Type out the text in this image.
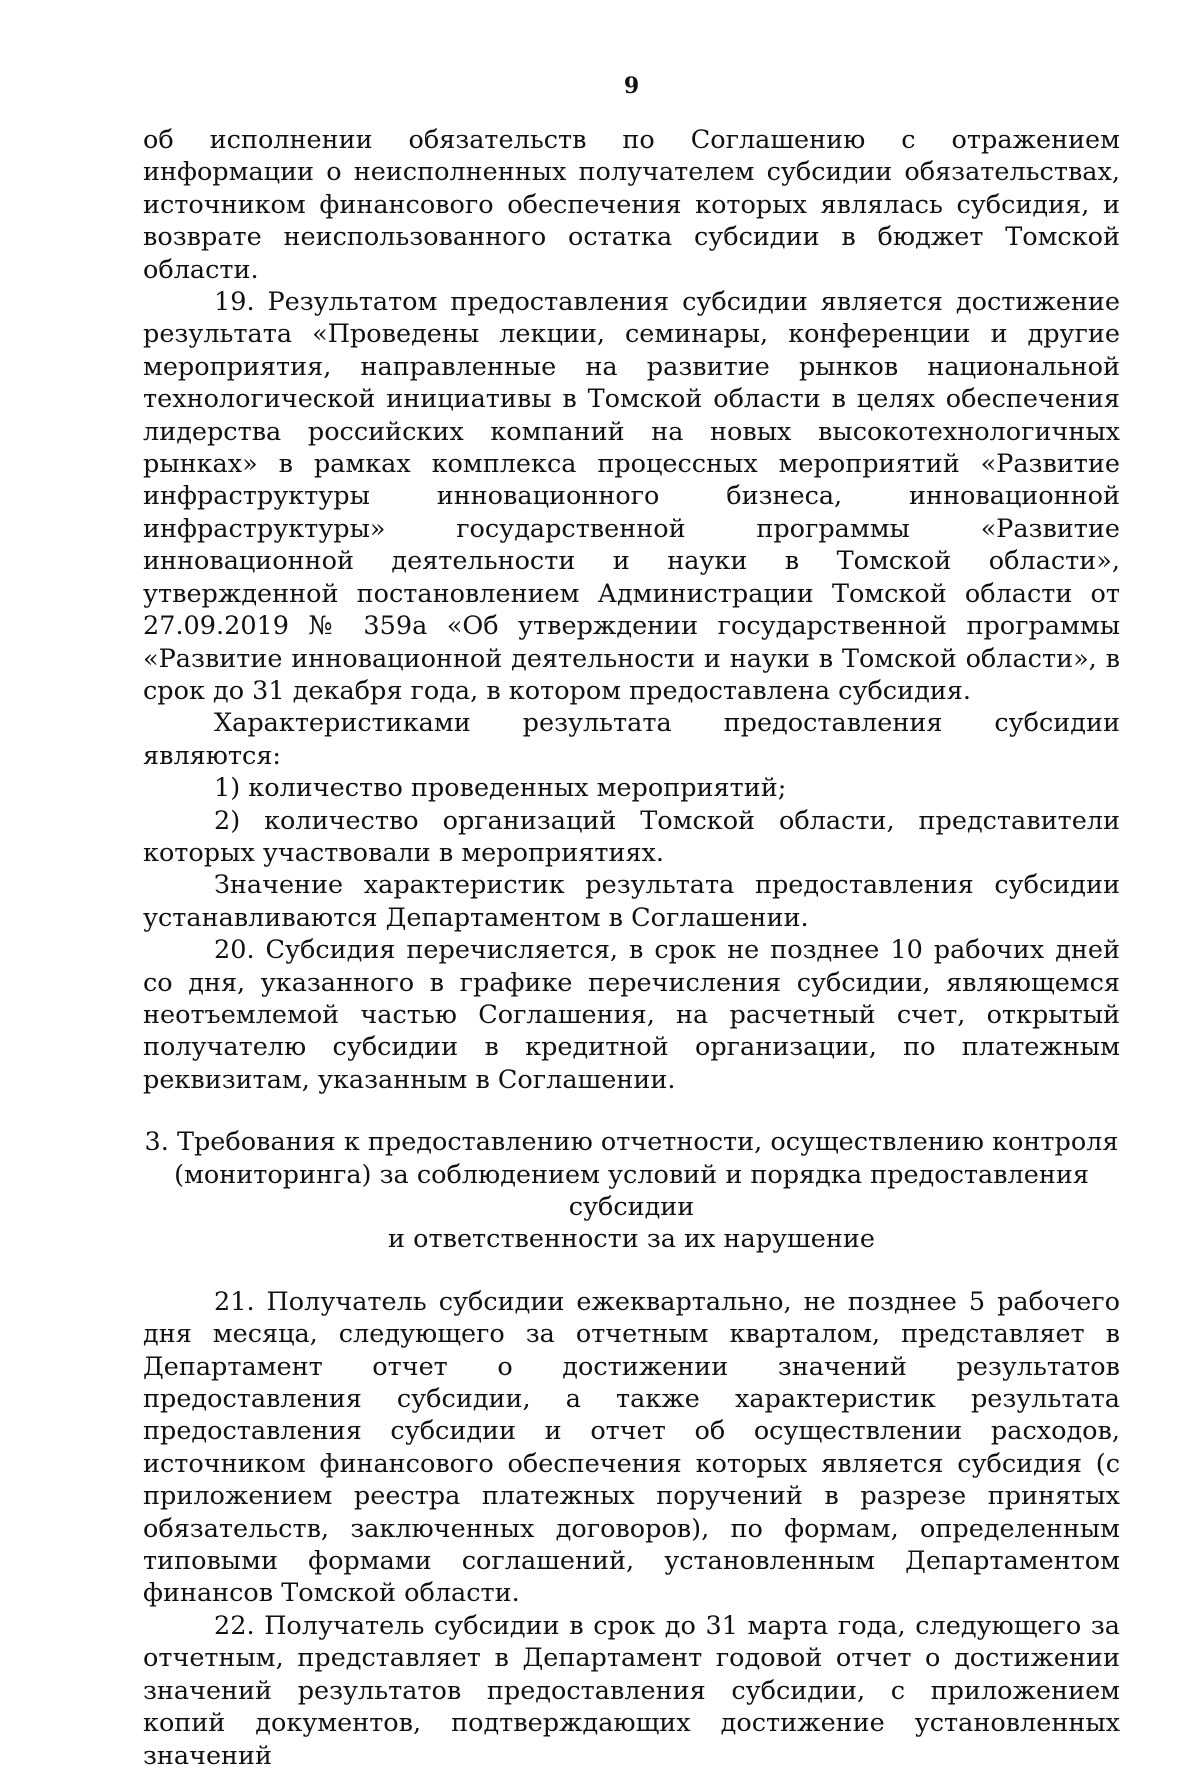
9

об исполнении обязательств по Соглашению с отражением информации о неисполненных получателем субсидии обязательствах, источником финансового обеспечения которых являлась субсидия, и возврате неиспользованного остатка субсидии в бюджет Томской области.

19. Результатом предоставления субсидии является достижение результата «Проведены лекции, семинары, конференции и другие мероприятия, направленные на развитие рынков национальной технологической инициативы в Томской области в целях обеспечения лидерства российских компаний на новых высокотехнологичных рынках» в рамках комплекса процессных мероприятий «Развитие инфраструктуры инновационного бизнеса, инновационной инфраструктуры» государственной программы «Развитие инновационной деятельности и науки в Томской области», утвержденной постановлением Администрации Томской области от 27.09.2019 № 359а «Об утверждении государственной программы «Развитие инновационной деятельности и науки в Томской области», в срок до 31 декабря года, в котором предоставлена субсидия.

Характеристиками результата предоставления субсидии являются:

1) количество проведенных мероприятий;

2) количество организаций Томской области, представители которых участвовали в мероприятиях.

Значение характеристик результата предоставления субсидии устанавливаются Департаментом в Соглашении.

20. Субсидия перечисляется, в срок не позднее 10 рабочих дней со дня, указанного в графике перечисления субсидии, являющемся неотъемлемой частью Соглашения, на расчетный счет, открытый получателю субсидии в кредитной организации, по платежным реквизитам, указанным в Соглашении.

3. Требования к предоставлению отчетности, осуществлению контроля
(мониторинга) за соблюдением условий и порядка предоставления субсидии
и ответственности за их нарушение

21. Получатель субсидии ежеквартально, не позднее 5 рабочего дня месяца, следующего за отчетным кварталом, представляет в Департамент отчет о достижении значений результатов предоставления субсидии, а также характеристик результата предоставления субсидии и отчет об осуществлении расходов, источником финансового обеспечения которых является субсидия (с приложением реестра платежных поручений в разрезе принятых обязательств, заключенных договоров), по формам, определенным типовыми формами соглашений, установленным Департаментом финансов Томской области.

22. Получатель субсидии в срок до 31 марта года, следующего за отчетным, представляет в Департамент годовой отчет о достижении значений результатов предоставления субсидии, с приложением копий документов, подтверждающих достижение установленных значений
